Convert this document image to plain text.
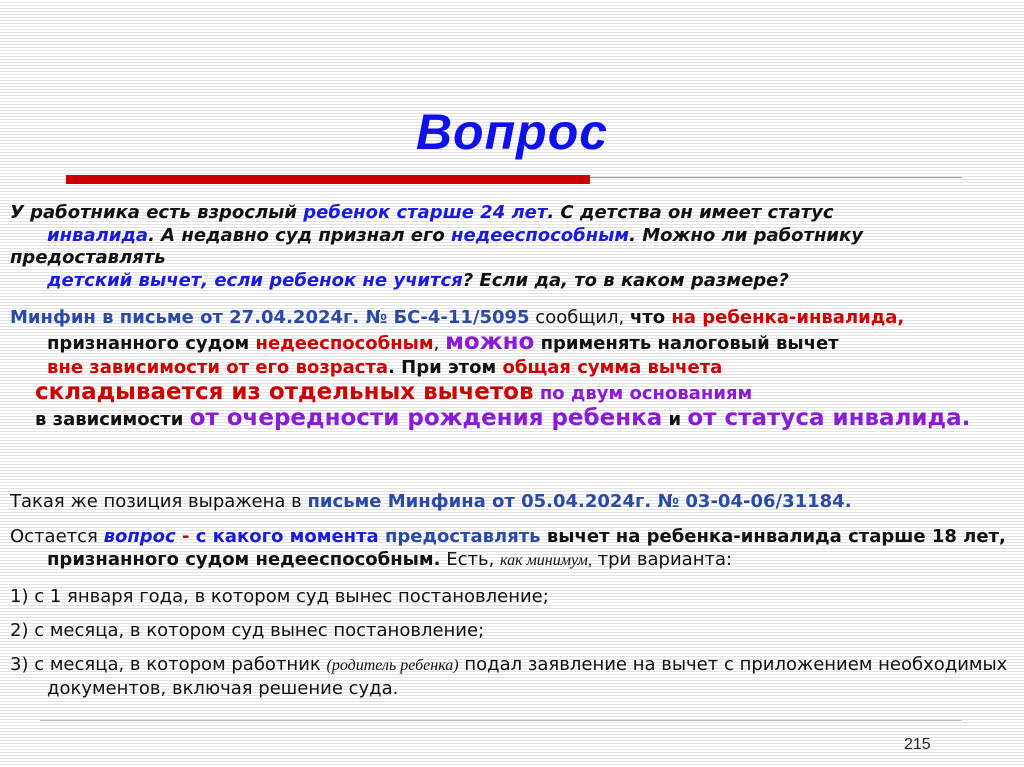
Вопрос
У работника есть взрослый ребенок старше 24 лет. С детства он имеет статус
инвалида. А недавно суд признал его недееспособным. Можно ли работнику предоставлять
детский вычет, если ребенок не учится? Если да, то в каком размере?
Минфин в письме от 27.04.2024г. № БС-4-11/5095 сообщил, что на ребенка-инвалида,
признанного судом недееспособным, можно применять налоговый вычет
вне зависимости от его возраста. При этом общая сумма вычета
складывается из отдельных вычетов по двум основаниям
в зависимости от очередности рождения ребенка и от статуса инвалида.
Такая же позиция выражена в письме Минфина от 05.04.2024г. № 03-04-06/31184.
Остается вопрос - с какого момента предоставлять вычет на ребенка-инвалида старше 18 лет, признанного судом недееспособным. Есть, как минимум, три варианта:
1) с 1 января года, в котором суд вынес постановление;
2) с месяца, в котором суд вынес постановление;
3) с месяца, в котором работник (родитель ребенка) подал заявление на вычет с приложением необходимых документов, включая решение суда.
215
